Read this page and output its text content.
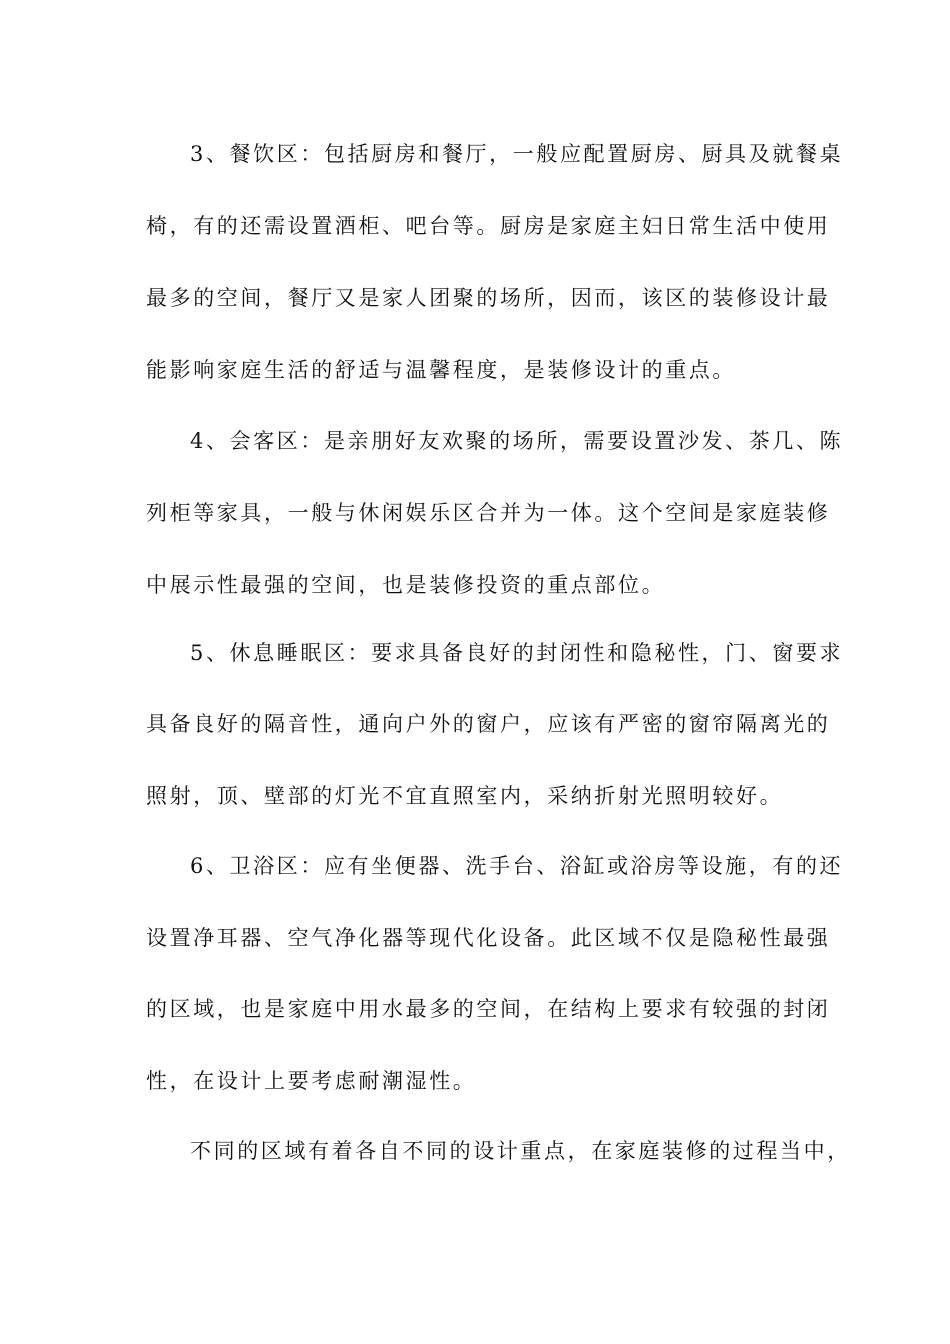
3、餐饮区：包括厨房和餐厅，一般应配置厨房、厨具及就餐桌
椅，有的还需设置酒柜、吧台等。厨房是家庭主妇日常生活中使用
最多的空间，餐厅又是家人团聚的场所，因而，该区的装修设计最
能影响家庭生活的舒适与温馨程度，是装修设计的重点。
4、会客区：是亲朋好友欢聚的场所，需要设置沙发、茶几、陈
列柜等家具，一般与休闲娱乐区合并为一体。这个空间是家庭装修
中展示性最强的空间，也是装修投资的重点部位。
5、休息睡眠区：要求具备良好的封闭性和隐秘性，门、窗要求
具备良好的隔音性，通向户外的窗户，应该有严密的窗帘隔离光的
照射，顶、壁部的灯光不宜直照室内，采纳折射光照明较好。
6、卫浴区：应有坐便器、洗手台、浴缸或浴房等设施，有的还
设置净耳器、空气净化器等现代化设备。此区域不仅是隐秘性最强
的区域，也是家庭中用水最多的空间，在结构上要求有较强的封闭
性，在设计上要考虑耐潮湿性。
不同的区域有着各自不同的设计重点，在家庭装修的过程当中，
